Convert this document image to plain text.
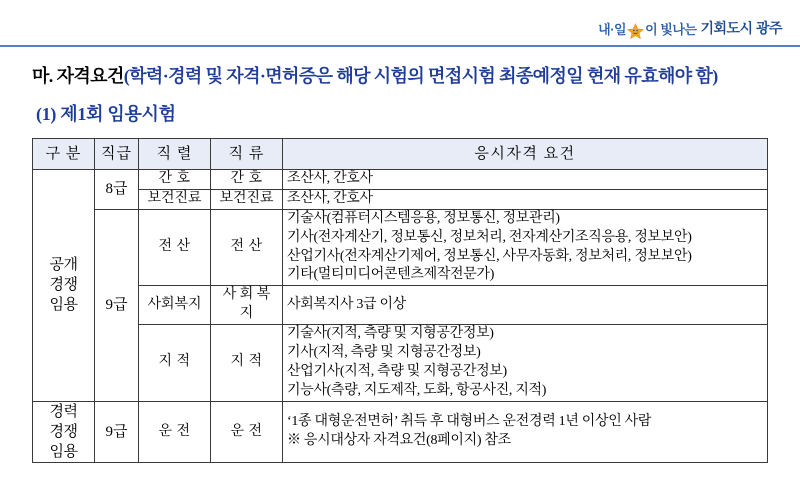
내·일 이 빛나는 기회도시 광주
마. 자격요건(학력·경력 및 자격·면허증은 해당 시험의 면접시험 최종예정일 현재 유효해야 함)
(1) 제1회 임용시험
구 분	직급	직 렬	직 류	응시자격 요건
공개
경쟁
임용	8급	간 호	간 호	조산사, 간호사

		보건진료	보건진료	조산사, 간호사

	9급	전 산	전 산	기술사(컴퓨터시스템응용, 정보통신, 정보관리)
기사(전자계산기, 정보통신, 정보처리, 전자계산기조직응용, 정보보안)
산업기사(전자계산기제어, 정보통신, 사무자동화, 정보처리, 정보보안)
기타(멀티미디어콘텐츠제작전문가)

		사회복지	사 회 복 지	사회복지사 3급 이상

		지 적	지 적	기술사(지적, 측량 및 지형공간정보)
기사(지적, 측량 및 지형공간정보)
산업기사(지적, 측량 및 지형공간정보)
기능사(측량, 지도제작, 도화, 항공사진, 지적)

경력
경쟁
임용	9급	운 전	운 전	
‘1종 대형운전면허’ 취득 후 대형버스 운전경력 1년 이상인 사람
※ 응시대상자 자격요건(8페이지) 참조
